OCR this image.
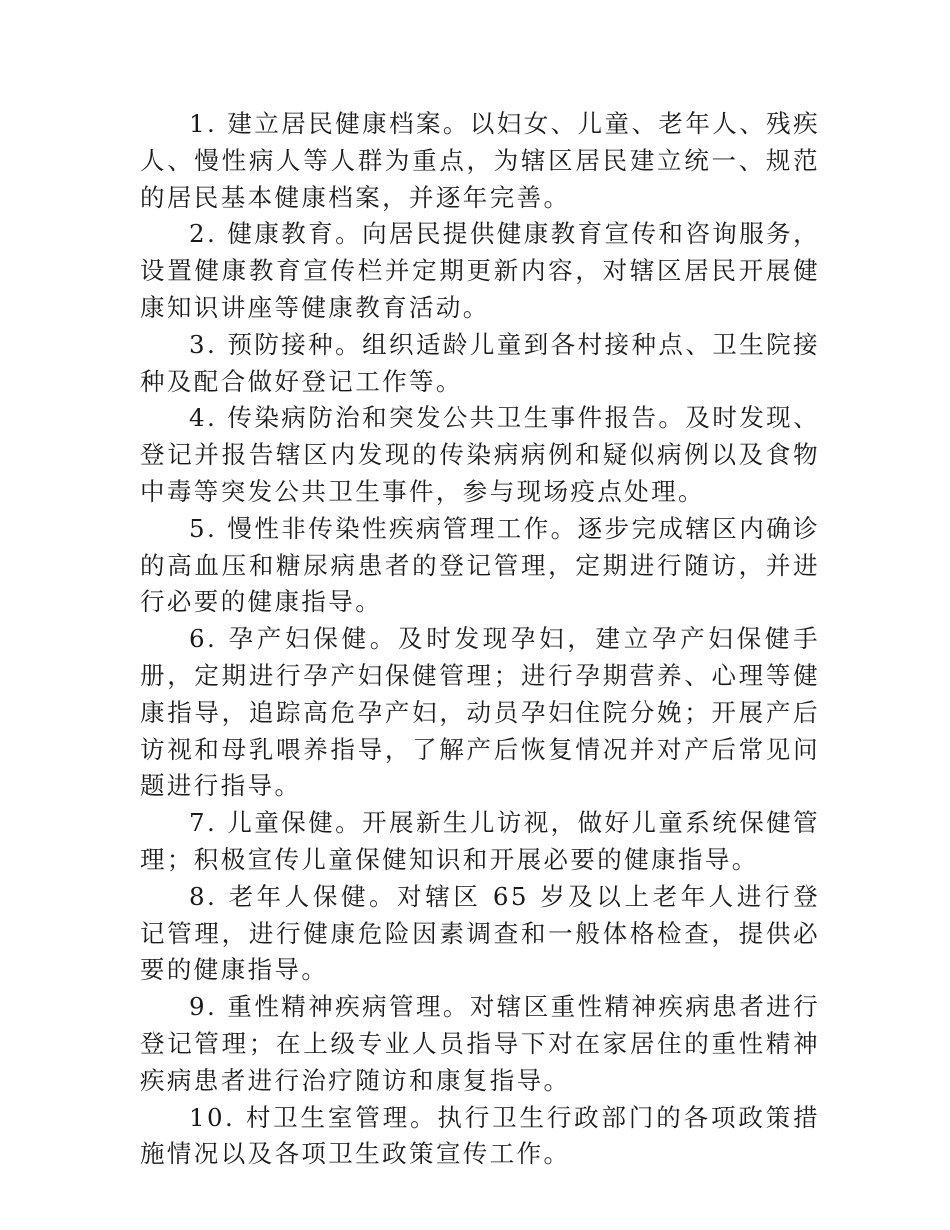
1. 建立居民健康档案。以妇女、儿童、老年人、残疾人、慢性病人等人群为重点，为辖区居民建立统一、规范的居民基本健康档案，并逐年完善。

2. 健康教育。向居民提供健康教育宣传和咨询服务，设置健康教育宣传栏并定期更新内容，对辖区居民开展健康知识讲座等健康教育活动。

3. 预防接种。组织适龄儿童到各村接种点、卫生院接种及配合做好登记工作等。

4. 传染病防治和突发公共卫生事件报告。及时发现、登记并报告辖区内发现的传染病病例和疑似病例以及食物中毒等突发公共卫生事件，参与现场疫点处理。

5. 慢性非传染性疾病管理工作。逐步完成辖区内确诊的高血压和糖尿病患者的登记管理，定期进行随访，并进行必要的健康指导。

6. 孕产妇保健。及时发现孕妇，建立孕产妇保健手册，定期进行孕产妇保健管理；进行孕期营养、心理等健康指导，追踪高危孕产妇，动员孕妇住院分娩；开展产后访视和母乳喂养指导，了解产后恢复情况并对产后常见问题进行指导。

7. 儿童保健。开展新生儿访视，做好儿童系统保健管理；积极宣传儿童保健知识和开展必要的健康指导。

8. 老年人保健。对辖区 65 岁及以上老年人进行登记管理，进行健康危险因素调查和一般体格检查，提供必要的健康指导。

9. 重性精神疾病管理。对辖区重性精神疾病患者进行登记管理；在上级专业人员指导下对在家居住的重性精神疾病患者进行治疗随访和康复指导。

10. 村卫生室管理。执行卫生行政部门的各项政策措施情况以及各项卫生政策宣传工作。
